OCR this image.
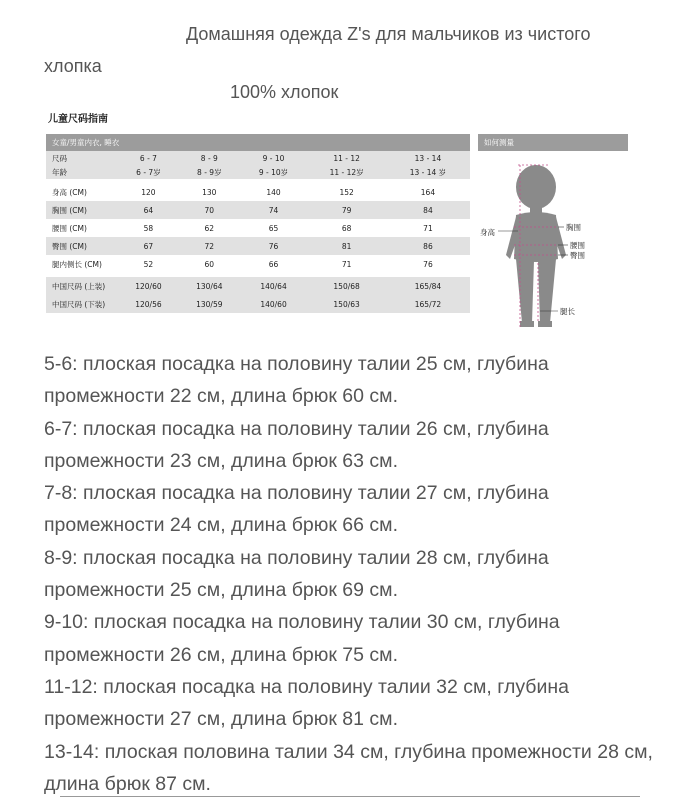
Домашняя одежда Z's для мальчиков из чистого хлопка

100% хлопок

儿童尺码指南
女童/男童内衣, 睡衣					
尺码	6 - 7	8 - 9	9 - 10	11 - 12	13 - 14
年龄	6 - 7岁	8 - 9岁	9 - 10岁	11 - 12岁	13 - 14 岁

身高 (CM)	120	130	140	152	164
胸围 (CM)	64	70	74	79	84
腰围 (CM)	58	62	65	68	71
臀围 (CM)	67	72	76	81	86
腿内侧长 (CM)	52	60	66	71	76

中国尺码 (上装)	120/60	130/64	140/64	150/68	165/84
中国尺码 (下装)	120/56	130/59	140/60	150/63	165/72
如何测量
身高
胸围
腰围
臀围
腿长
5-6: плоская посадка на половину талии 25 см, глубина промежности 22 см, длина брюк 60 см.
6-7: плоская посадка на половину талии 26 см, глубина промежности 23 см, длина брюк 63 см.
7-8: плоская посадка на половину талии 27 см, глубина промежности 24 см, длина брюк 66 см.
8-9: плоская посадка на половину талии 28 см, глубина промежности 25 см, длина брюк 69 см.
9-10: плоская посадка на половину талии 30 см, глубина промежности 26 см, длина брюк 75 см.
11-12: плоская посадка на половину талии 32 см, глубина промежности 27 см, длина брюк 81 см.
13-14: плоская половина талии 34 см, глубина промежности 28 см, длина брюк 87 см.
